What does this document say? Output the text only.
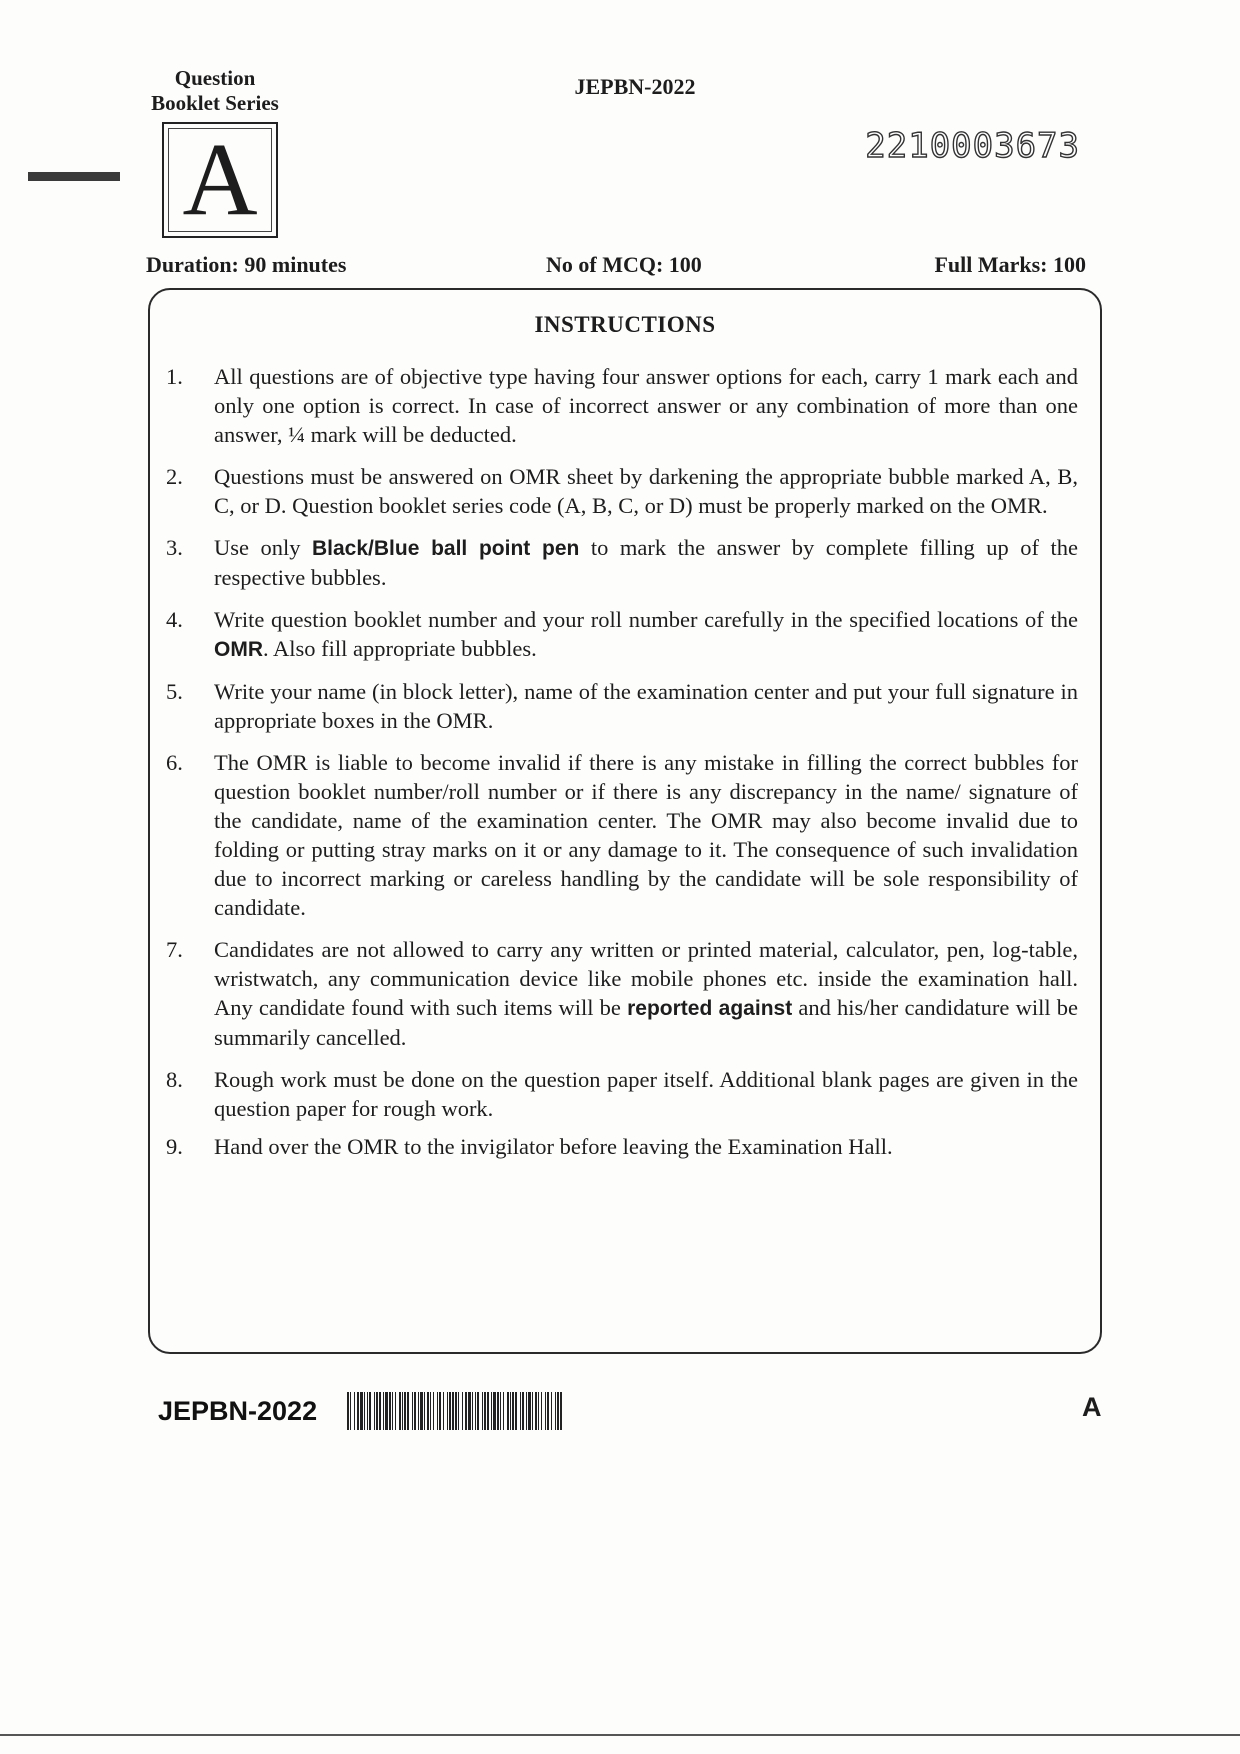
Question Booklet Series
A
JEPBN-2022
2210003673
Duration: 90 minutes	No of MCQ: 100	Full Marks: 100
INSTRUCTIONS
1.	All questions are of objective type having four answer options for each, carry 1 mark each and only one option is correct. In case of incorrect answer or any combination of more than one answer, ¼ mark will be deducted.
2.	Questions must be answered on OMR sheet by darkening the appropriate bubble marked A, B, C, or D. Question booklet series code (A, B, C, or D) must be properly marked on the OMR.
3.	Use only Black/Blue ball point pen to mark the answer by complete filling up of the respective bubbles.
4.	Write question booklet number and your roll number carefully in the specified locations of the OMR. Also fill appropriate bubbles.
5.	Write your name (in block letter), name of the examination center and put your full signature in appropriate boxes in the OMR.
6.	The OMR is liable to become invalid if there is any mistake in filling the correct bubbles for question booklet number/roll number or if there is any discrepancy in the name/ signature of the candidate, name of the examination center. The OMR may also become invalid due to folding or putting stray marks on it or any damage to it. The consequence of such invalidation due to incorrect marking or careless handling by the candidate will be sole responsibility of candidate.
7.	Candidates are not allowed to carry any written or printed material, calculator, pen, log-table, wristwatch, any communication device like mobile phones etc. inside the examination hall. Any candidate found with such items will be reported against and his/her candidature will be summarily cancelled.
8.	Rough work must be done on the question paper itself. Additional blank pages are given in the question paper for rough work.
9.	Hand over the OMR to the invigilator before leaving the Examination Hall.
JEPBN-2022	A
